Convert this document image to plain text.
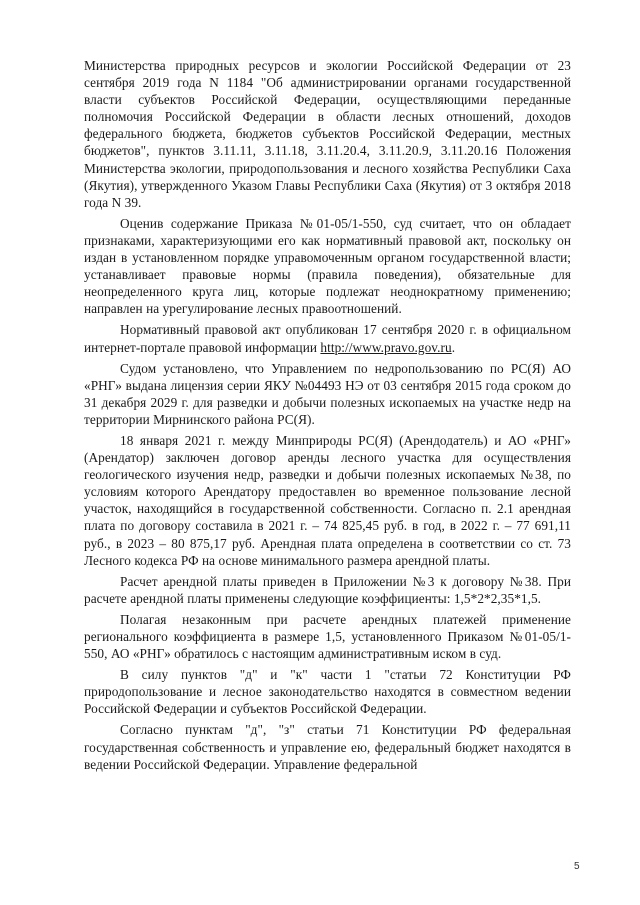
Министерства природных ресурсов и экологии Российской Федерации от 23 сентября 2019 года N 1184 "Об администрировании органами государственной власти субъектов Российской Федерации, осуществляющими переданные полномочия Российской Федерации в области лесных отношений, доходов федерального бюджета, бюджетов субъектов Российской Федерации, местных бюджетов", пунктов 3.11.11, 3.11.18, 3.11.20.4, 3.11.20.9, 3.11.20.16 Положения Министерства экологии, природопользования и лесного хозяйства Республики Саха (Якутия), утвержденного Указом Главы Республики Саха (Якутия) от 3 октября 2018 года N 39.

Оценив содержание Приказа №01-05/1-550, суд считает, что он обладает признаками, характеризующими его как нормативный правовой акт, поскольку он издан в установленном порядке управомоченным органом государственной власти; устанавливает правовые нормы (правила поведения), обязательные для неопределенного круга лиц, которые подлежат неоднократному применению; направлен на урегулирование лесных правоотношений.

Нормативный правовой акт опубликован 17 сентября 2020 г. в официальном интернет-портале правовой информации http://www.pravo.gov.ru.

Судом установлено, что Управлением по недропользованию по РС(Я) АО «РНГ» выдана лицензия серии ЯКУ №04493 НЭ от 03 сентября 2015 года сроком до 31 декабря 2029 г. для разведки и добычи полезных ископаемых на участке недр на территории Мирнинского района РС(Я).

18 января 2021 г. между Минприроды РС(Я) (Арендодатель) и АО «РНГ» (Арендатор) заключен договор аренды лесного участка для осуществления геологического изучения недр, разведки и добычи полезных ископаемых №38, по условиям которого Арендатору предоставлен во временное пользование лесной участок, находящийся в государственной собственности. Согласно п. 2.1 арендная плата по договору составила в 2021 г. – 74 825,45 руб. в год, в 2022 г. – 77 691,11 руб., в 2023 – 80 875,17 руб. Арендная плата определена в соответствии со ст. 73 Лесного кодекса РФ на основе минимального размера арендной платы.

Расчет арендной платы приведен в Приложении №3 к договору №38. При расчете арендной платы применены следующие коэффициенты: 1,5*2*2,35*1,5.

Полагая незаконным при расчете арендных платежей применение регионального коэффициента в размере 1,5, установленного Приказом №01-05/1-550, АО «РНГ» обратилось с настоящим административным иском в суд.

В силу пунктов "д" и "к" части 1 "статьи 72 Конституции РФ природопользование и лесное законодательство находятся в совместном ведении Российской Федерации и субъектов Российской Федерации.

Согласно пунктам "д", "з" статьи 71 Конституции РФ федеральная государственная собственность и управление ею, федеральный бюджет находятся в ведении Российской Федерации. Управление федеральной

5
